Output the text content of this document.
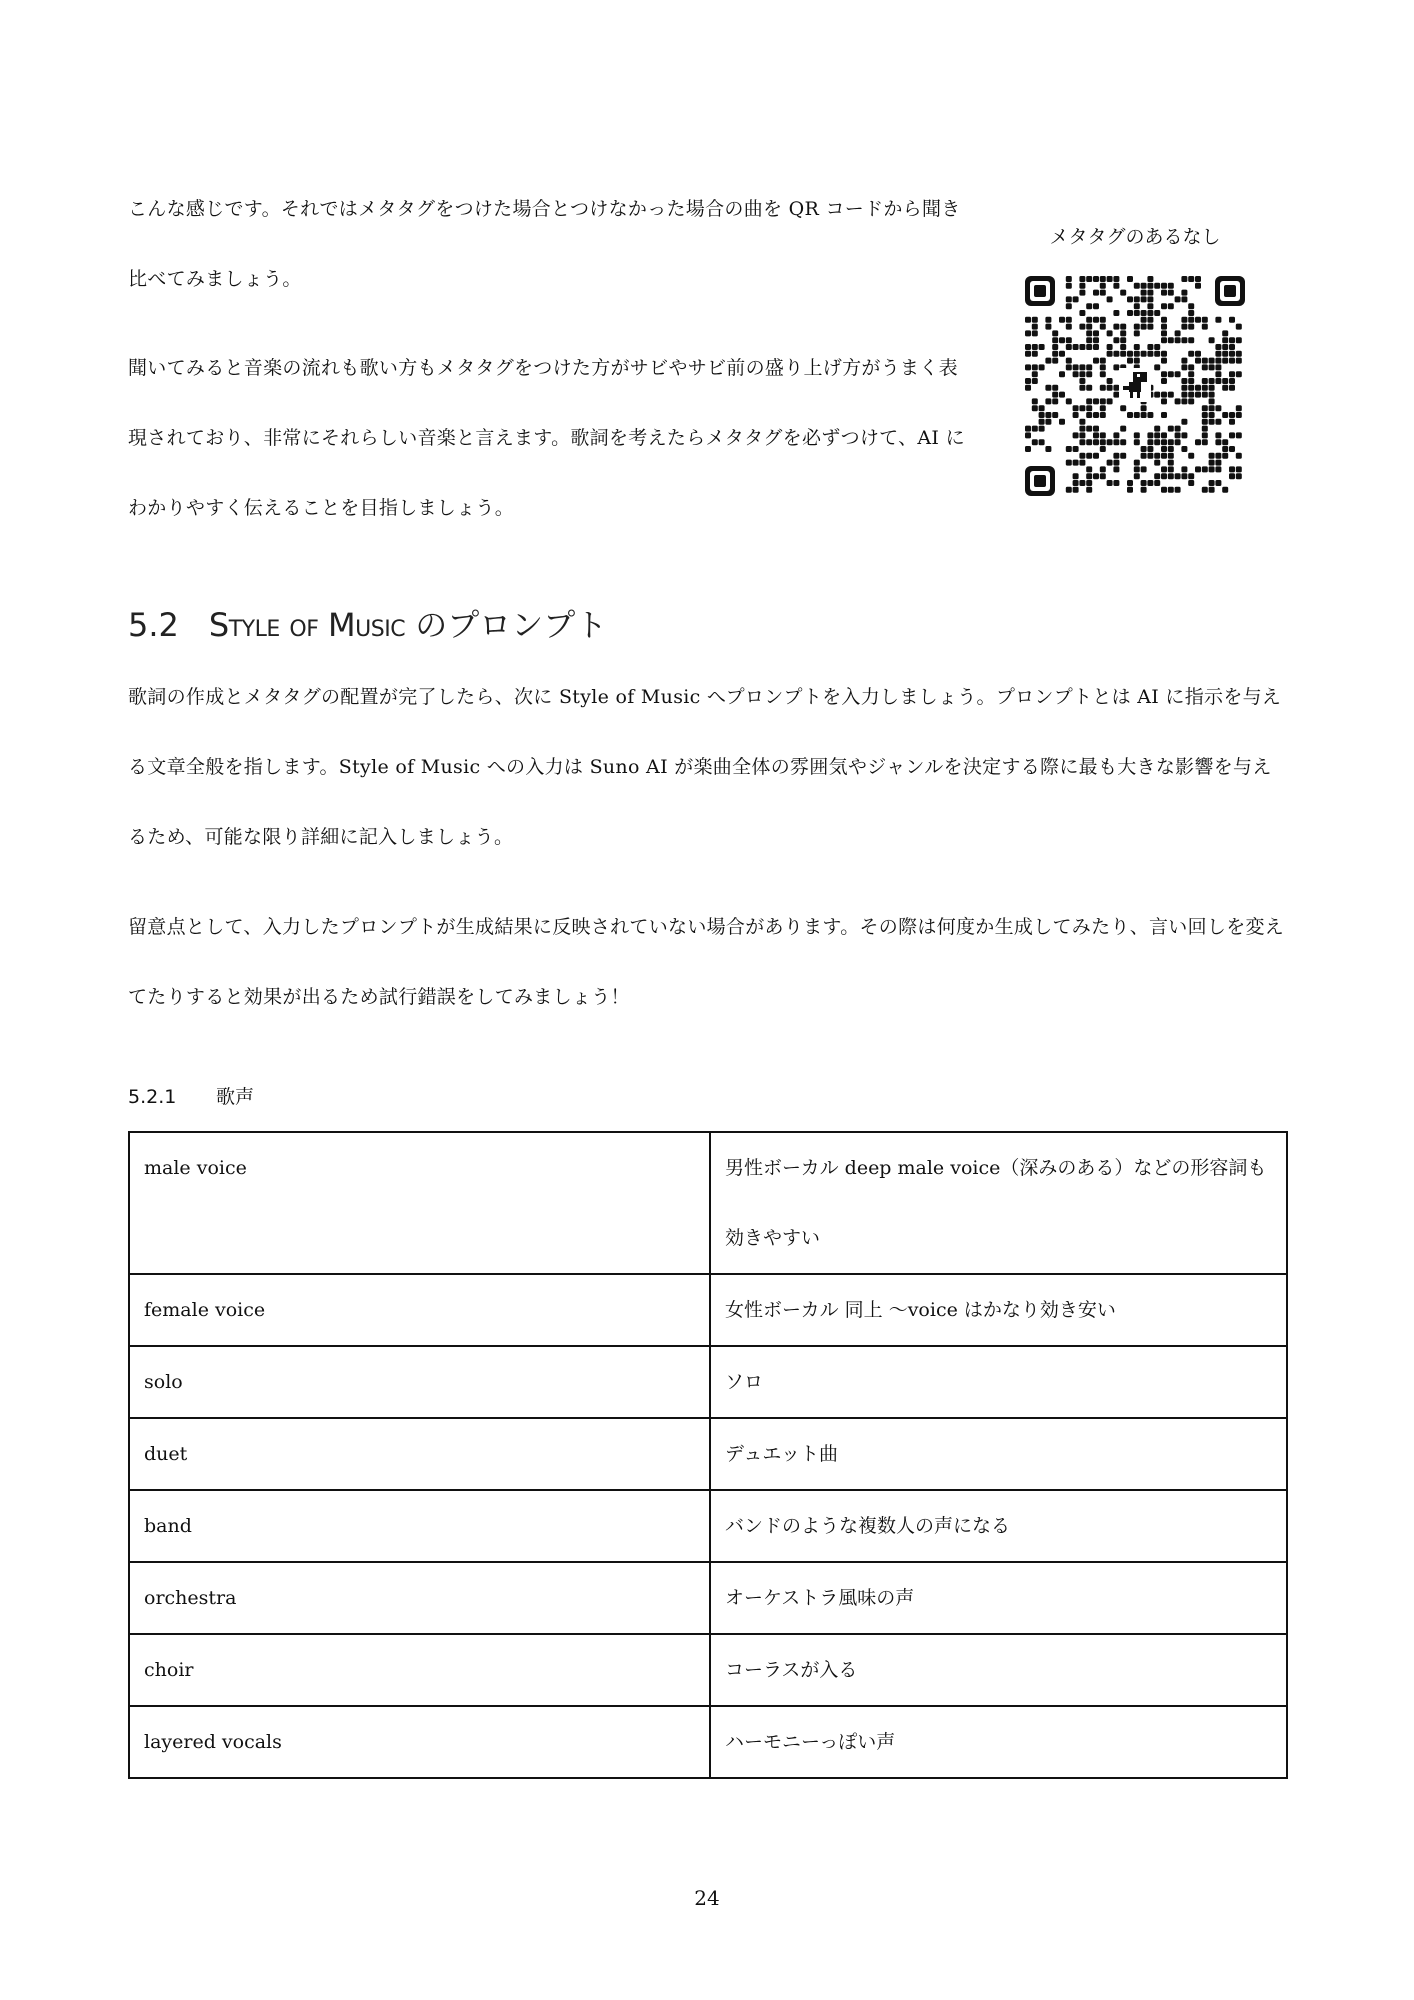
こんな感じです。それではメタタグをつけた場合とつけなかった場合の曲を QR コードから聞き比べてみましょう。

聞いてみると音楽の流れも歌い方もメタタグをつけた方がサビやサビ前の盛り上げ方がうまく表現されており、非常にそれらしい音楽と言えます。歌詞を考えたらメタタグを必ずつけて、AI にわかりやすく伝えることを目指しましょう。

メタタグのあるなし
5.2 Style of Music のプロンプト

歌詞の作成とメタタグの配置が完了したら、次に Style of Music へプロンプトを入力しましょう。プロンプトとは AI に指示を与える文章全般を指します。Style of Music への入力は Suno AI が楽曲全体の雰囲気やジャンルを決定する際に最も大きな影響を与えるため、可能な限り詳細に記入しましょう。

留意点として、入力したプロンプトが生成結果に反映されていない場合があります。その際は何度か生成してみたり、言い回しを変えてたりすると効果が出るため試行錯誤をしてみましょう！

5.2.1 歌声
male voice	男性ボーカル deep male voice（深みのある）などの形容詞も効きやすい
female voice	女性ボーカル 同上 〜voice はかなり効き安い
solo	ソロ
duet	デュエット曲
band	バンドのような複数人の声になる
orchestra	オーケストラ風味の声
choir	コーラスが入る
layered vocals	ハーモニーっぽい声
24
